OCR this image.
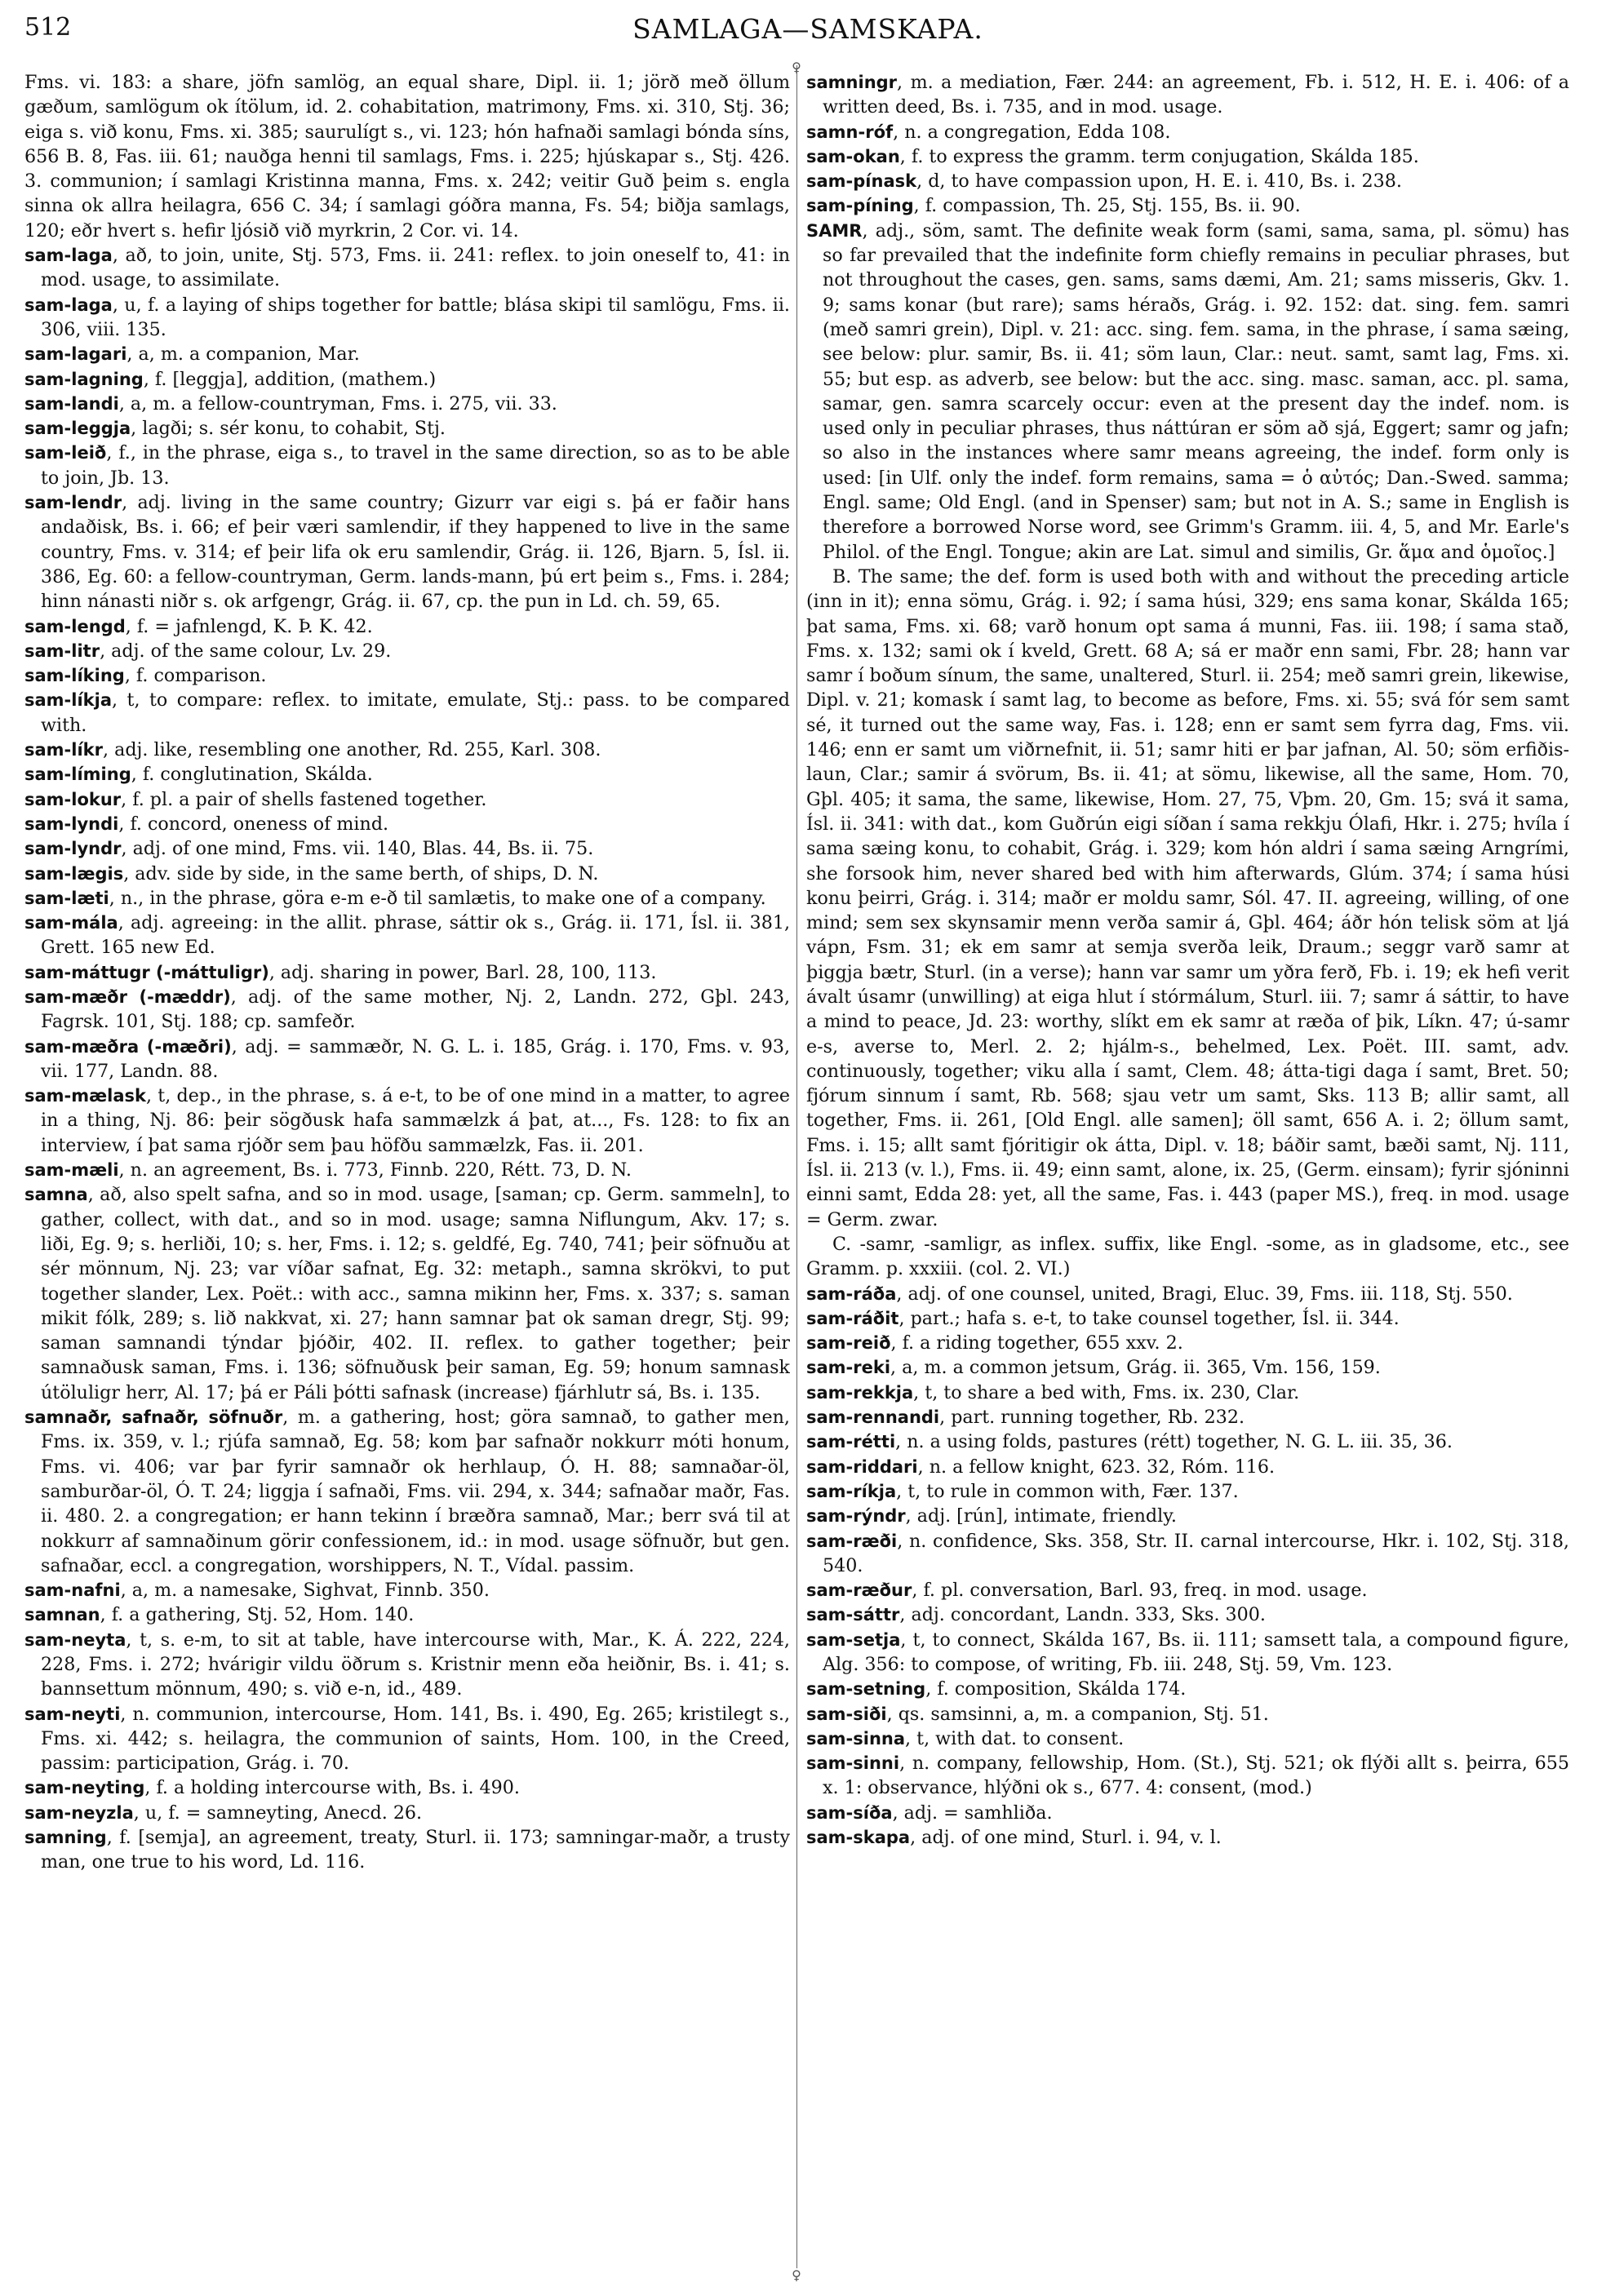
512	SAMLAGA—SAMSKAPA.

Fms. vi. 183: a share, jöfn samlög, an equal share, Dipl. ii. 1; jörð með öllum gæðum, samlögum ok ítölum, id. 2. cohabitation, matrimony, Fms. xi. 310, Stj. 36; eiga s. við konu, Fms. xi. 385; saurulígt s., vi. 123; hón hafnaði samlagi bónda síns, 656 B. 8, Fas. iii. 61; nauðga henni til samlags, Fms. i. 225; hjúskapar s., Stj. 426. 3. communion; í samlagi Kristinna manna, Fms. x. 242; veitir Guð þeim s. engla sinna ok allra heilagra, 656 C. 34; í samlagi góðra manna, Fs. 54; biðja samlags, 120; eðr hvert s. hefir ljósið við myrkrin, 2 Cor. vi. 14.

sam-laga, að, to join, unite, Stj. 573, Fms. ii. 241: reflex. to join oneself to, 41: in mod. usage, to assimilate.

sam-laga, u, f. a laying of ships together for battle; blása skipi til samlögu, Fms. ii. 306, viii. 135.

sam-lagari, a, m. a companion, Mar.

sam-lagning, f. [leggja], addition, (mathem.)

sam-landi, a, m. a fellow-countryman, Fms. i. 275, vii. 33.

sam-leggja, lagði; s. sér konu, to cohabit, Stj.

sam-leið, f., in the phrase, eiga s., to travel in the same direction, so as to be able to join, Jb. 13.

sam-lendr, adj. living in the same country; Gizurr var eigi s. þá er faðir hans andaðisk, Bs. i. 66; ef þeir væri samlendir, if they happened to live in the same country, Fms. v. 314; ef þeir lifa ok eru samlendir, Grág. ii. 126, Bjarn. 5, Ísl. ii. 386, Eg. 60: a fellow-countryman, Germ. lands-mann, þú ert þeim s., Fms. i. 284; hinn nánasti niðr s. ok arfgengr, Grág. ii. 67, cp. the pun in Ld. ch. 59, 65.

sam-lengd, f. = jafnlengd, K. Þ. K. 42.

sam-litr, adj. of the same colour, Lv. 29.

sam-líking, f. comparison.

sam-líkja, t, to compare: reflex. to imitate, emulate, Stj.: pass. to be compared with.

sam-líkr, adj. like, resembling one another, Rd. 255, Karl. 308.

sam-líming, f. conglutination, Skálda.

sam-lokur, f. pl. a pair of shells fastened together.

sam-lyndi, f. concord, oneness of mind.

sam-lyndr, adj. of one mind, Fms. vii. 140, Blas. 44, Bs. ii. 75.

sam-lægis, adv. side by side, in the same berth, of ships, D. N.

sam-læti, n., in the phrase, göra e-m e-ð til samlætis, to make one of a company.

sam-mála, adj. agreeing: in the allit. phrase, sáttir ok s., Grág. ii. 171, Ísl. ii. 381, Grett. 165 new Ed.

sam-máttugr (-máttuligr), adj. sharing in power, Barl. 28, 100, 113.

sam-mæðr (-mæddr), adj. of the same mother, Nj. 2, Landn. 272, Gþl. 243, Fagrsk. 101, Stj. 188; cp. samfeðr.

sam-mæðra (-mæðri), adj. = sammæðr, N. G. L. i. 185, Grág. i. 170, Fms. v. 93, vii. 177, Landn. 88.

sam-mælask, t, dep., in the phrase, s. á e-t, to be of one mind in a matter, to agree in a thing, Nj. 86: þeir sögðusk hafa sammælzk á þat, at..., Fs. 128: to fix an interview, í þat sama rjóðr sem þau höfðu sammælzk, Fas. ii. 201.

sam-mæli, n. an agreement, Bs. i. 773, Finnb. 220, Rétt. 73, D. N.

samna, að, also spelt safna, and so in mod. usage, [saman; cp. Germ. sammeln], to gather, collect, with dat., and so in mod. usage; samna Niflungum, Akv. 17; s. liði, Eg. 9; s. herliði, 10; s. her, Fms. i. 12; s. geldfé, Eg. 740, 741; þeir söfnuðu at sér mönnum, Nj. 23; var víðar safnat, Eg. 32: metaph., samna skrökvi, to put together slander, Lex. Poët.: with acc., samna mikinn her, Fms. x. 337; s. saman mikit fólk, 289; s. lið nakkvat, xi. 27; hann samnar þat ok saman dregr, Stj. 99; saman samnandi týndar þjóðir, 402. II. reflex. to gather together; þeir samnaðusk saman, Fms. i. 136; söfnuðusk þeir saman, Eg. 59; honum samnask útöluligr herr, Al. 17; þá er Páli þótti safnask (increase) fjárhlutr sá, Bs. i. 135.

samnaðr, safnaðr, söfnuðr, m. a gathering, host; göra samnað, to gather men, Fms. ix. 359, v. l.; rjúfa samnað, Eg. 58; kom þar safnaðr nokkurr móti honum, Fms. vi. 406; var þar fyrir samnaðr ok herhlaup, Ó. H. 88; samnaðar-öl, samburðar-öl, Ó. T. 24; liggja í safnaði, Fms. vii. 294, x. 344; safnaðar maðr, Fas. ii. 480. 2. a congregation; er hann tekinn í bræðra samnað, Mar.; berr svá til at nokkurr af samnaðinum görir confessionem, id.: in mod. usage söfnuðr, but gen. safnaðar, eccl. a congregation, worshippers, N. T., Vídal. passim.

sam-nafni, a, m. a namesake, Sighvat, Finnb. 350.

samnan, f. a gathering, Stj. 52, Hom. 140.

sam-neyta, t, s. e-m, to sit at table, have intercourse with, Mar., K. Á. 222, 224, 228, Fms. i. 272; hvárigir vildu öðrum s. Kristnir menn eða heiðnir, Bs. i. 41; s. bannsettum mönnum, 490; s. við e-n, id., 489.

sam-neyti, n. communion, intercourse, Hom. 141, Bs. i. 490, Eg. 265; kristilegt s., Fms. xi. 442; s. heilagra, the communion of saints, Hom. 100, in the Creed, passim: participation, Grág. i. 70.

sam-neyting, f. a holding intercourse with, Bs. i. 490.

sam-neyzla, u, f. = samneyting, Anecd. 26.

samning, f. [semja], an agreement, treaty, Sturl. ii. 173; samningar-maðr, a trusty man, one true to his word, Ld. 116.

♀
♀

samningr, m. a mediation, Fær. 244: an agreement, Fb. i. 512, H. E. i. 406: of a written deed, Bs. i. 735, and in mod. usage.

samn-róf, n. a congregation, Edda 108.

sam-okan, f. to express the gramm. term conjugation, Skálda 185.

sam-pínask, d, to have compassion upon, H. E. i. 410, Bs. i. 238.

sam-píning, f. compassion, Th. 25, Stj. 155, Bs. ii. 90.

SAMR, adj., söm, samt. The definite weak form (sami, sama, sama, pl. sömu) has so far prevailed that the indefinite form chiefly remains in peculiar phrases, but not throughout the cases, gen. sams, sams dæmi, Am. 21; sams misseris, Gkv. 1. 9; sams konar (but rare); sams héraðs, Grág. i. 92. 152: dat. sing. fem. samri (með samri grein), Dipl. v. 21: acc. sing. fem. sama, in the phrase, í sama sæing, see below: plur. samir, Bs. ii. 41; söm laun, Clar.: neut. samt, samt lag, Fms. xi. 55; but esp. as adverb, see below: but the acc. sing. masc. saman, acc. pl. sama, samar, gen. samra scarcely occur: even at the present day the indef. nom. is used only in peculiar phrases, thus náttúran er söm að sjá, Eggert; samr og jafn; so also in the instances where samr means agreeing, the indef. form only is used: [in Ulf. only the indef. form remains, sama = ὁ αὐτός; Dan.-Swed. samma; Engl. same; Old Engl. (and in Spenser) sam; but not in A. S.; same in English is therefore a borrowed Norse word, see Grimm's Gramm. iii. 4, 5, and Mr. Earle's Philol. of the Engl. Tongue; akin are Lat. simul and similis, Gr. ἅμα and ὁμοῖος.]

B. The same; the def. form is used both with and without the preceding article (inn in it); enna sömu, Grág. i. 92; í sama húsi, 329; ens sama konar, Skálda 165; þat sama, Fms. xi. 68; varð honum opt sama á munni, Fas. iii. 198; í sama stað, Fms. x. 132; sami ok í kveld, Grett. 68 A; sá er maðr enn sami, Fbr. 28; hann var samr í boðum sínum, the same, unaltered, Sturl. ii. 254; með samri grein, likewise, Dipl. v. 21; komask í samt lag, to become as before, Fms. xi. 55; svá fór sem samt sé, it turned out the same way, Fas. i. 128; enn er samt sem fyrra dag, Fms. vii. 146; enn er samt um viðrnefnit, ii. 51; samr hiti er þar jafnan, Al. 50; söm erfiðis-laun, Clar.; samir á svörum, Bs. ii. 41; at sömu, likewise, all the same, Hom. 70, Gþl. 405; it sama, the same, likewise, Hom. 27, 75, Vþm. 20, Gm. 15; svá it sama, Ísl. ii. 341: with dat., kom Guðrún eigi síðan í sama rekkju Ólafi, Hkr. i. 275; hvíla í sama sæing konu, to cohabit, Grág. i. 329; kom hón aldri í sama sæing Arngrími, she forsook him, never shared bed with him afterwards, Glúm. 374; í sama húsi konu þeirri, Grág. i. 314; maðr er moldu samr, Sól. 47. II. agreeing, willing, of one mind; sem sex skynsamir menn verða samir á, Gþl. 464; áðr hón telisk söm at ljá vápn, Fsm. 31; ek em samr at semja sverða leik, Draum.; seggr varð samr at þiggja bætr, Sturl. (in a verse); hann var samr um yðra ferð, Fb. i. 19; ek hefi verit ávalt úsamr (unwilling) at eiga hlut í stórmálum, Sturl. iii. 7; samr á sáttir, to have a mind to peace, Jd. 23: worthy, slíkt em ek samr at ræða of þik, Líkn. 47; ú-samr e-s, averse to, Merl. 2. 2; hjálm-s., behelmed, Lex. Poët. III. samt, adv. continuously, together; viku alla í samt, Clem. 48; átta-tigi daga í samt, Bret. 50; fjórum sinnum í samt, Rb. 568; sjau vetr um samt, Sks. 113 B; allir samt, all together, Fms. ii. 261, [Old Engl. alle samen]; öll samt, 656 A. i. 2; öllum samt, Fms. i. 15; allt samt fjóritigir ok átta, Dipl. v. 18; báðir samt, bæði samt, Nj. 111, Ísl. ii. 213 (v. l.), Fms. ii. 49; einn samt, alone, ix. 25, (Germ. einsam); fyrir sjóninni einni samt, Edda 28: yet, all the same, Fas. i. 443 (paper MS.), freq. in mod. usage = Germ. zwar.

C. -samr, -samligr, as inflex. suffix, like Engl. -some, as in gladsome, etc., see Gramm. p. xxxiii. (col. 2. VI.)

sam-ráða, adj. of one counsel, united, Bragi, Eluc. 39, Fms. iii. 118, Stj. 550.

sam-ráðit, part.; hafa s. e-t, to take counsel together, Ísl. ii. 344.

sam-reið, f. a riding together, 655 xxv. 2.

sam-reki, a, m. a common jetsum, Grág. ii. 365, Vm. 156, 159.

sam-rekkja, t, to share a bed with, Fms. ix. 230, Clar.

sam-rennandi, part. running together, Rb. 232.

sam-rétti, n. a using folds, pastures (rétt) together, N. G. L. iii. 35, 36.

sam-riddari, n. a fellow knight, 623. 32, Róm. 116.

sam-ríkja, t, to rule in common with, Fær. 137.

sam-rýndr, adj. [rún], intimate, friendly.

sam-ræði, n. confidence, Sks. 358, Str. II. carnal intercourse, Hkr. i. 102, Stj. 318, 540.

sam-ræður, f. pl. conversation, Barl. 93, freq. in mod. usage.

sam-sáttr, adj. concordant, Landn. 333, Sks. 300.

sam-setja, t, to connect, Skálda 167, Bs. ii. 111; samsett tala, a compound figure, Alg. 356: to compose, of writing, Fb. iii. 248, Stj. 59, Vm. 123.

sam-setning, f. composition, Skálda 174.

sam-siði, qs. samsinni, a, m. a companion, Stj. 51.

sam-sinna, t, with dat. to consent.

sam-sinni, n. company, fellowship, Hom. (St.), Stj. 521; ok flýði allt s. þeirra, 655 x. 1: observance, hlýðni ok s., 677. 4: consent, (mod.)

sam-síða, adj. = samhliða.

sam-skapa, adj. of one mind, Sturl. i. 94, v. l.
